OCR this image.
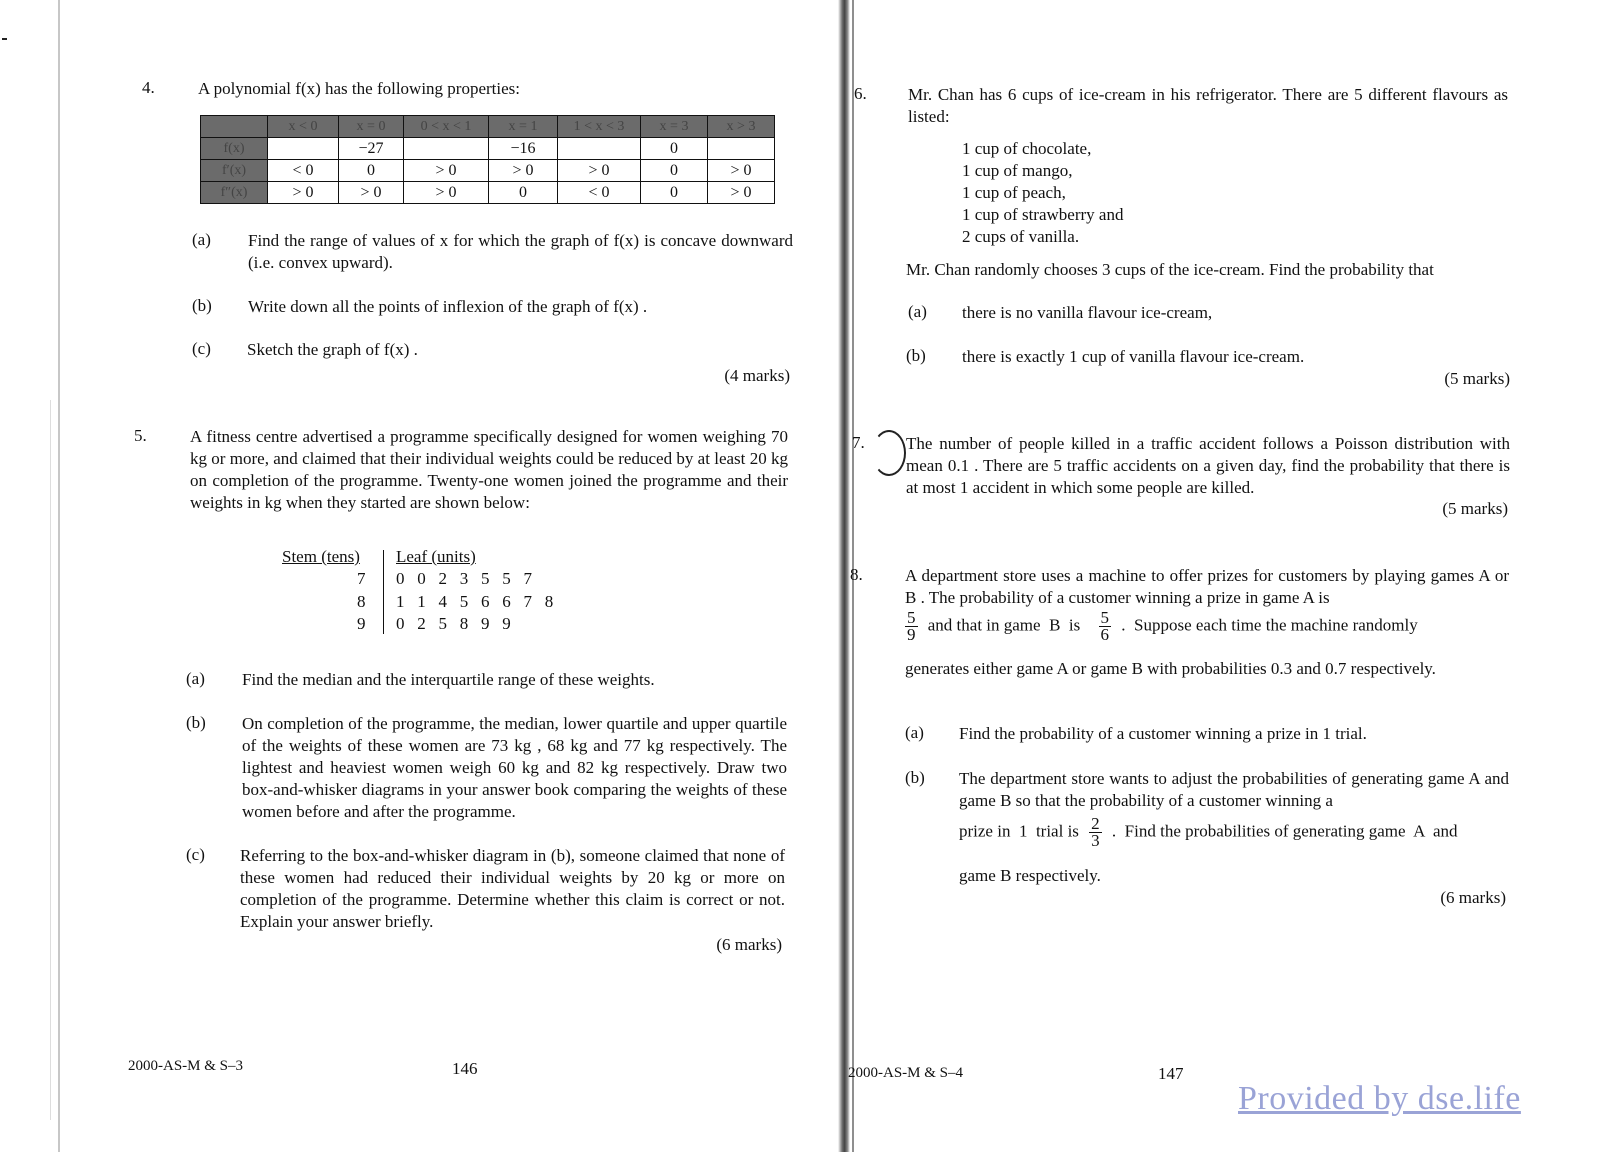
4.	A polynomial f(x) has the following properties:
	x < 0	x = 0	0 < x < 1	x = 1	1 < x < 3	x = 3	x > 3
f(x)		−27		−16		0	
f′(x)	< 0	0	> 0	> 0	> 0	0	> 0
f″(x)	> 0	> 0	> 0	0	< 0	0	> 0
(a) Find the range of values of x for which the graph of f(x) is concave downward (i.e. convex upward).
(b) Write down all the points of inflexion of the graph of f(x) .
(c) Sketch the graph of f(x) .
(4 marks)
5.	A fitness centre advertised a programme specifically designed for women weighing 70 kg or more, and claimed that their individual weights could be reduced by at least 20 kg on completion of the programme. Twenty-one women joined the programme and their weights in kg when they started are shown below:
Stem (tens) Leaf (units)
7 0   0   2   3   5   5   7
8 1   1   4   5   6   6   7   8
9 0   2   5   8   9   9
(a) Find the median and the interquartile range of these weights.
(b) On completion of the programme, the median, lower quartile and upper quartile of the weights of these women are 73 kg , 68 kg and 77 kg respectively. The lightest and heaviest women weigh 60 kg and 82 kg respectively. Draw two box-and-whisker diagrams in your answer book comparing the weights of these women before and after the programme.
(c) Referring to the box-and-whisker diagram in (b), someone claimed that none of these women had reduced their individual weights by 20 kg or more on completion of the programme. Determine whether this claim is correct or not. Explain your answer briefly.
(6 marks)
2000-AS-M & S–3	146
6. Mr. Chan has 6 cups of ice-cream in his refrigerator. There are 5 different flavours as listed:
1 cup of chocolate,
1 cup of mango,
1 cup of peach,
1 cup of strawberry and
2 cups of vanilla.
Mr. Chan randomly chooses 3 cups of the ice-cream. Find the probability that
(a) there is no vanilla flavour ice-cream,
(b) there is exactly 1 cup of vanilla flavour ice-cream.
(5 marks)
7. The number of people killed in a traffic accident follows a Poisson distribution with mean 0.1 . There are 5 traffic accidents on a given day, find the probability that there is at most 1 accident in which some people are killed.
(5 marks)
8. A department store uses a machine to offer prizes for customers by playing games A or B . The probability of a customer winning a prize in game A is
$\frac{5}{9}$ and that in game  B  is $\frac{5}{6}$ .  Suppose each time the machine randomly
generates either game A or game B with probabilities 0.3 and 0.7 respectively.
(a) Find the probability of a customer winning a prize in 1 trial.
(b) The department store wants to adjust the probabilities of generating game A and game B so that the probability of a customer winning a
prize in  1  trial is $\frac{2}{3}$ .  Find the probabilities of generating game  A  and
game B respectively.
(6 marks)
2000-AS-M & S–4	147
Provided by dse.life
